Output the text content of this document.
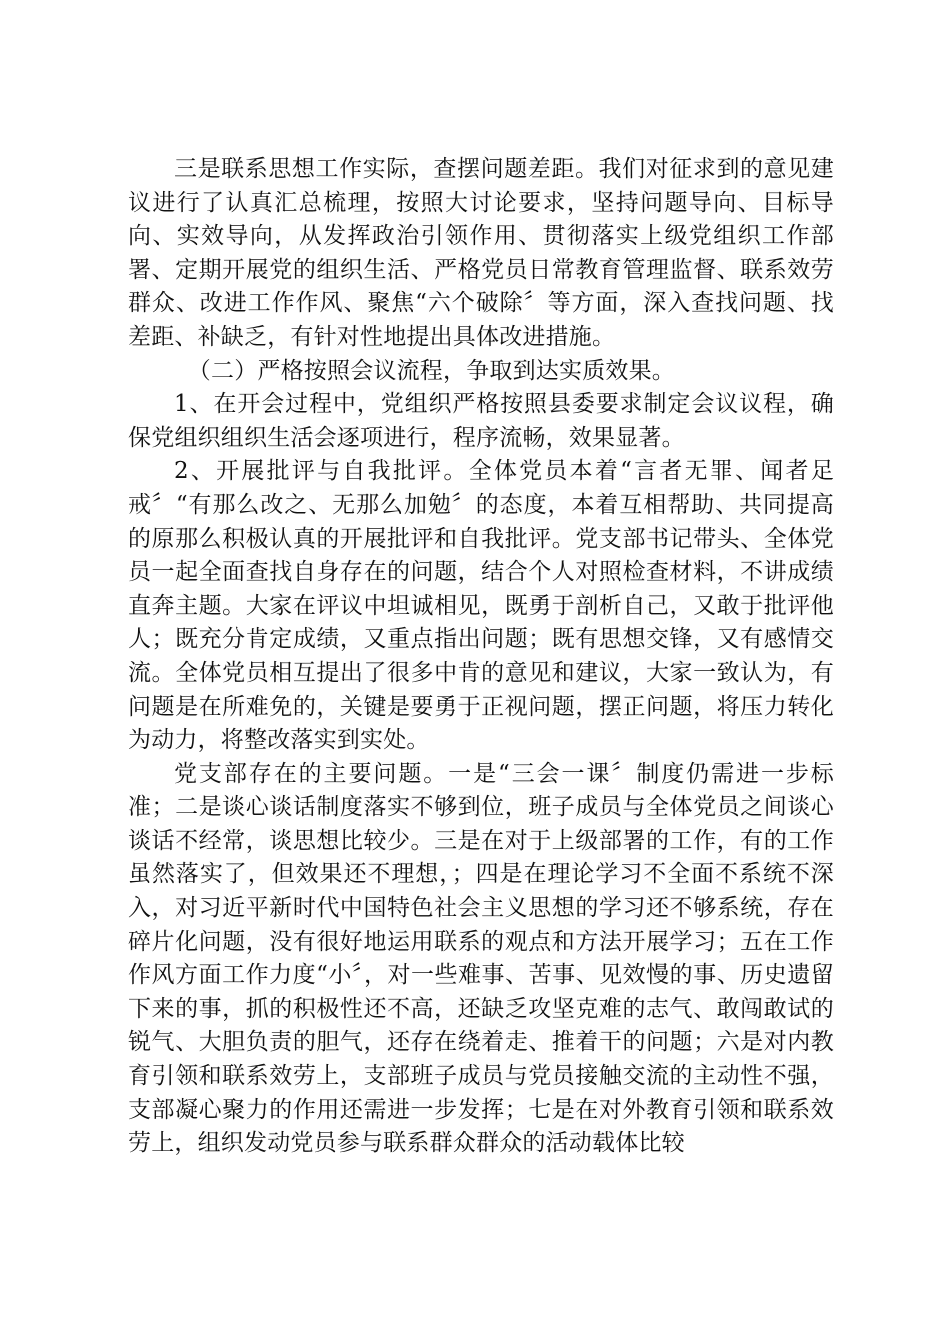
三是联系思想工作实际，查摆问题差距。我们对征求到的意见建议进行了认真汇总梳理，按照大讨论要求，坚持问题导向、目标导向、实效导向，从发挥政治引领作用、贯彻落实上级党组织工作部署、定期开展党的组织生活、严格党员日常教育管理监督、联系效劳群众、改进工作作风、聚焦“六个破除〞等方面，深入查找问题、找差距、补缺乏，有针对性地提出具体改进措施。

（二）严格按照会议流程，争取到达实质效果。

1、在开会过程中，党组织严格按照县委要求制定会议议程，确保党组织组织生活会逐项进行，程序流畅，效果显著。

2、开展批评与自我批评。全体党员本着“言者无罪、闻者足戒〞“有那么改之、无那么加勉〞的态度，本着互相帮助、共同提高的原那么积极认真的开展批评和自我批评。党支部书记带头、全体党员一起全面查找自身存在的问题，结合个人对照检查材料，不讲成绩直奔主题。大家在评议中坦诚相见，既勇于剖析自己，又敢于批评他人；既充分肯定成绩，又重点指出问题；既有思想交锋，又有感情交流。全体党员相互提出了很多中肯的意见和建议，大家一致认为，有问题是在所难免的，关键是要勇于正视问题，摆正问题，将压力转化为动力，将整改落实到实处。

党支部存在的主要问题。一是“三会一课〞制度仍需进一步标准；二是谈心谈话制度落实不够到位，班子成员与全体党员之间谈心谈话不经常，谈思想比较少。三是在对于上级部署的工作，有的工作虽然落实了，但效果还不理想，；四是在理论学习不全面不系统不深入，对习近平新时代中国特色社会主义思想的学习还不够系统，存在碎片化问题，没有很好地运用联系的观点和方法开展学习；五在工作作风方面工作力度“小〞，对一些难事、苦事、见效慢的事、历史遗留下来的事，抓的积极性还不高，还缺乏攻坚克难的志气、敢闯敢试的锐气、大胆负责的胆气，还存在绕着走、推着干的问题；六是对内教育引领和联系效劳上，支部班子成员与党员接触交流的主动性不强，支部凝心聚力的作用还需进一步发挥；七是在对外教育引领和联系效劳上，组织发动党员参与联系群众群众的活动载体比较
